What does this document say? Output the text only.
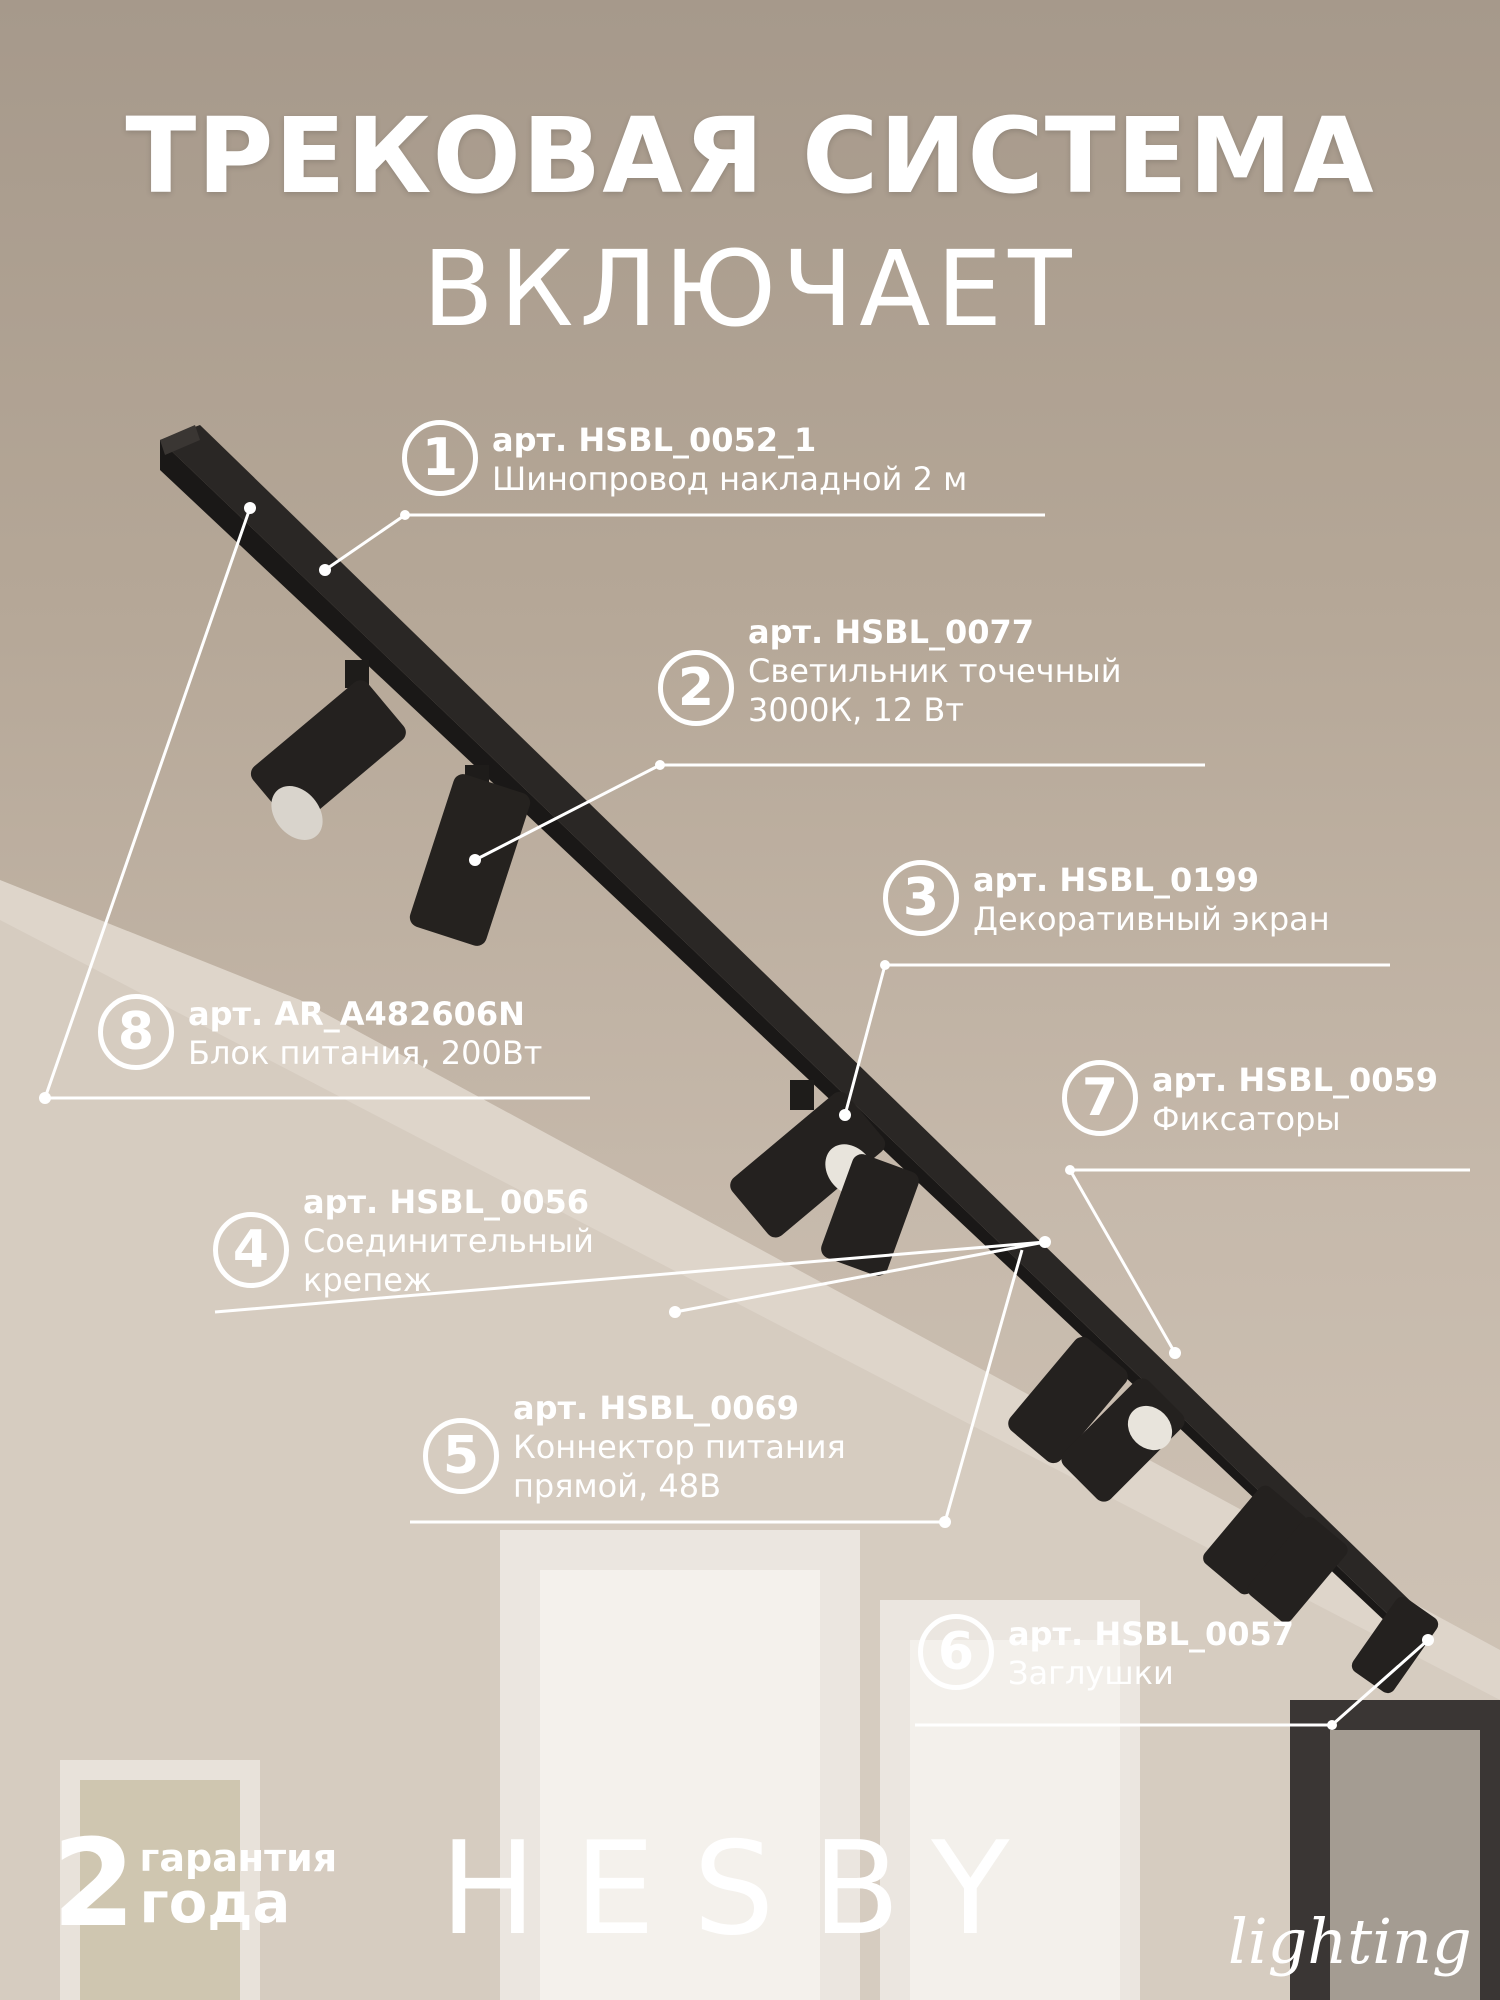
ТРЕКОВАЯ СИСТЕМА
ВКЛЮЧАЕТ
1	арт. HSBL_0052_1
Шинопровод накладной 2 м
2
арт. HSBL_0077
Светильник точечный 3000К, 12 Вт
3	арт. HSBL_0199
Декоративный экран
4
арт. HSBL_0056
Соединительный крепеж
5
арт. HSBL_0069
Коннектор питания прямой, 48В
6	арт. HSBL_0057
Заглушки
7	арт. HSBL_0059
Фиксаторы
8	арт. AR_A482606N
Блок питания, 200Вт
2 гарантия
года	HESBY	lighting
